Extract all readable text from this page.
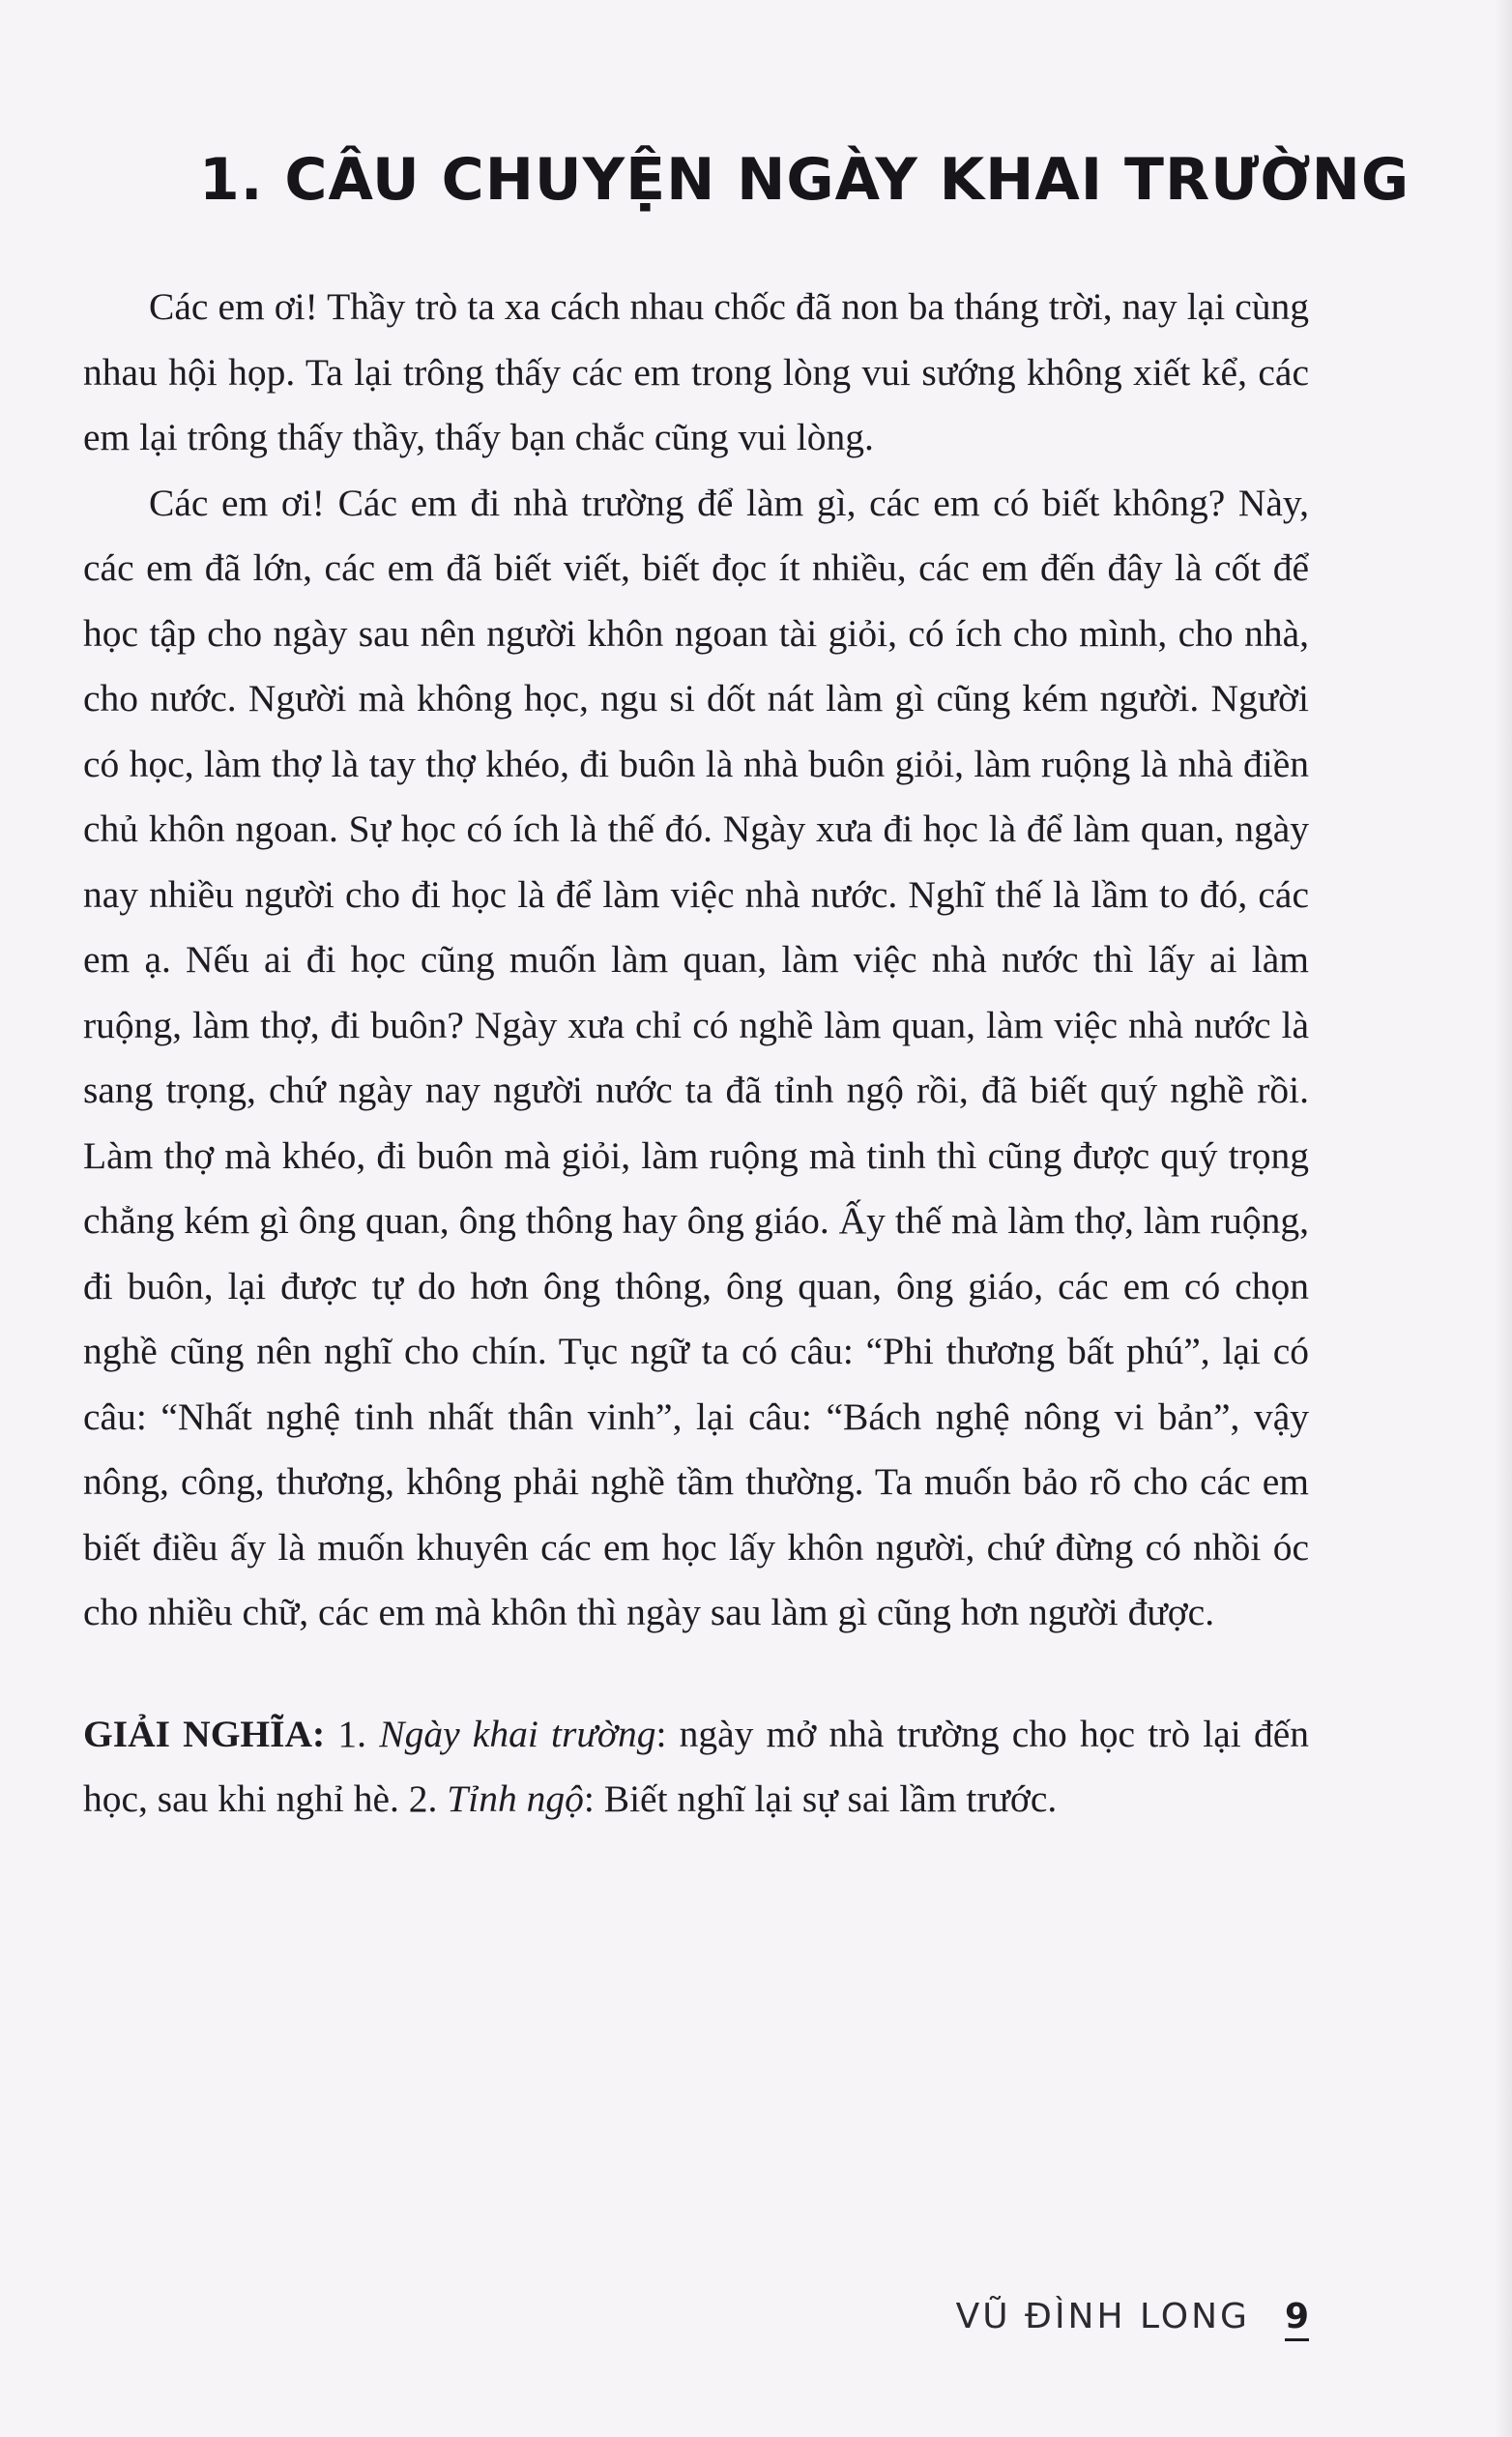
1. CÂU CHUYỆN NGÀY KHAI TRƯỜNG

Các em ơi! Thầy trò ta xa cách nhau chốc đã non ba tháng trời, nay lại cùng nhau hội họp. Ta lại trông thấy các em trong lòng vui sướng không xiết kể, các em lại trông thấy thầy, thấy bạn chắc cũng vui lòng.

Các em ơi! Các em đi nhà trường để làm gì, các em có biết không? Này, các em đã lớn, các em đã biết viết, biết đọc ít nhiều, các em đến đây là cốt để học tập cho ngày sau nên người khôn ngoan tài giỏi, có ích cho mình, cho nhà, cho nước. Người mà không học, ngu si dốt nát làm gì cũng kém người. Người có học, làm thợ là tay thợ khéo, đi buôn là nhà buôn giỏi, làm ruộng là nhà điền chủ khôn ngoan. Sự học có ích là thế đó. Ngày xưa đi học là để làm quan, ngày nay nhiều người cho đi học là để làm việc nhà nước. Nghĩ thế là lầm to đó, các em ạ. Nếu ai đi học cũng muốn làm quan, làm việc nhà nước thì lấy ai làm ruộng, làm thợ, đi buôn? Ngày xưa chỉ có nghề làm quan, làm việc nhà nước là sang trọng, chứ ngày nay người nước ta đã tỉnh ngộ rồi, đã biết quý nghề rồi. Làm thợ mà khéo, đi buôn mà giỏi, làm ruộng mà tinh thì cũng được quý trọng chẳng kém gì ông quan, ông thông hay ông giáo. Ấy thế mà làm thợ, làm ruộng, đi buôn, lại được tự do hơn ông thông, ông quan, ông giáo, các em có chọn nghề cũng nên nghĩ cho chín. Tục ngữ ta có câu: “Phi thương bất phú”, lại có câu: “Nhất nghệ tinh nhất thân vinh”, lại câu: “Bách nghệ nông vi bản”, vậy nông, công, thương, không phải nghề tầm thường. Ta muốn bảo rõ cho các em biết điều ấy là muốn khuyên các em học lấy khôn người, chứ đừng có nhồi óc cho nhiều chữ, các em mà khôn thì ngày sau làm gì cũng hơn người được.

GIẢI NGHĨA: 1. Ngày khai trường: ngày mở nhà trường cho học trò lại đến học, sau khi nghỉ hè. 2. Tỉnh ngộ: Biết nghĩ lại sự sai lầm trước.

VŨ ĐÌNH LONG 9
